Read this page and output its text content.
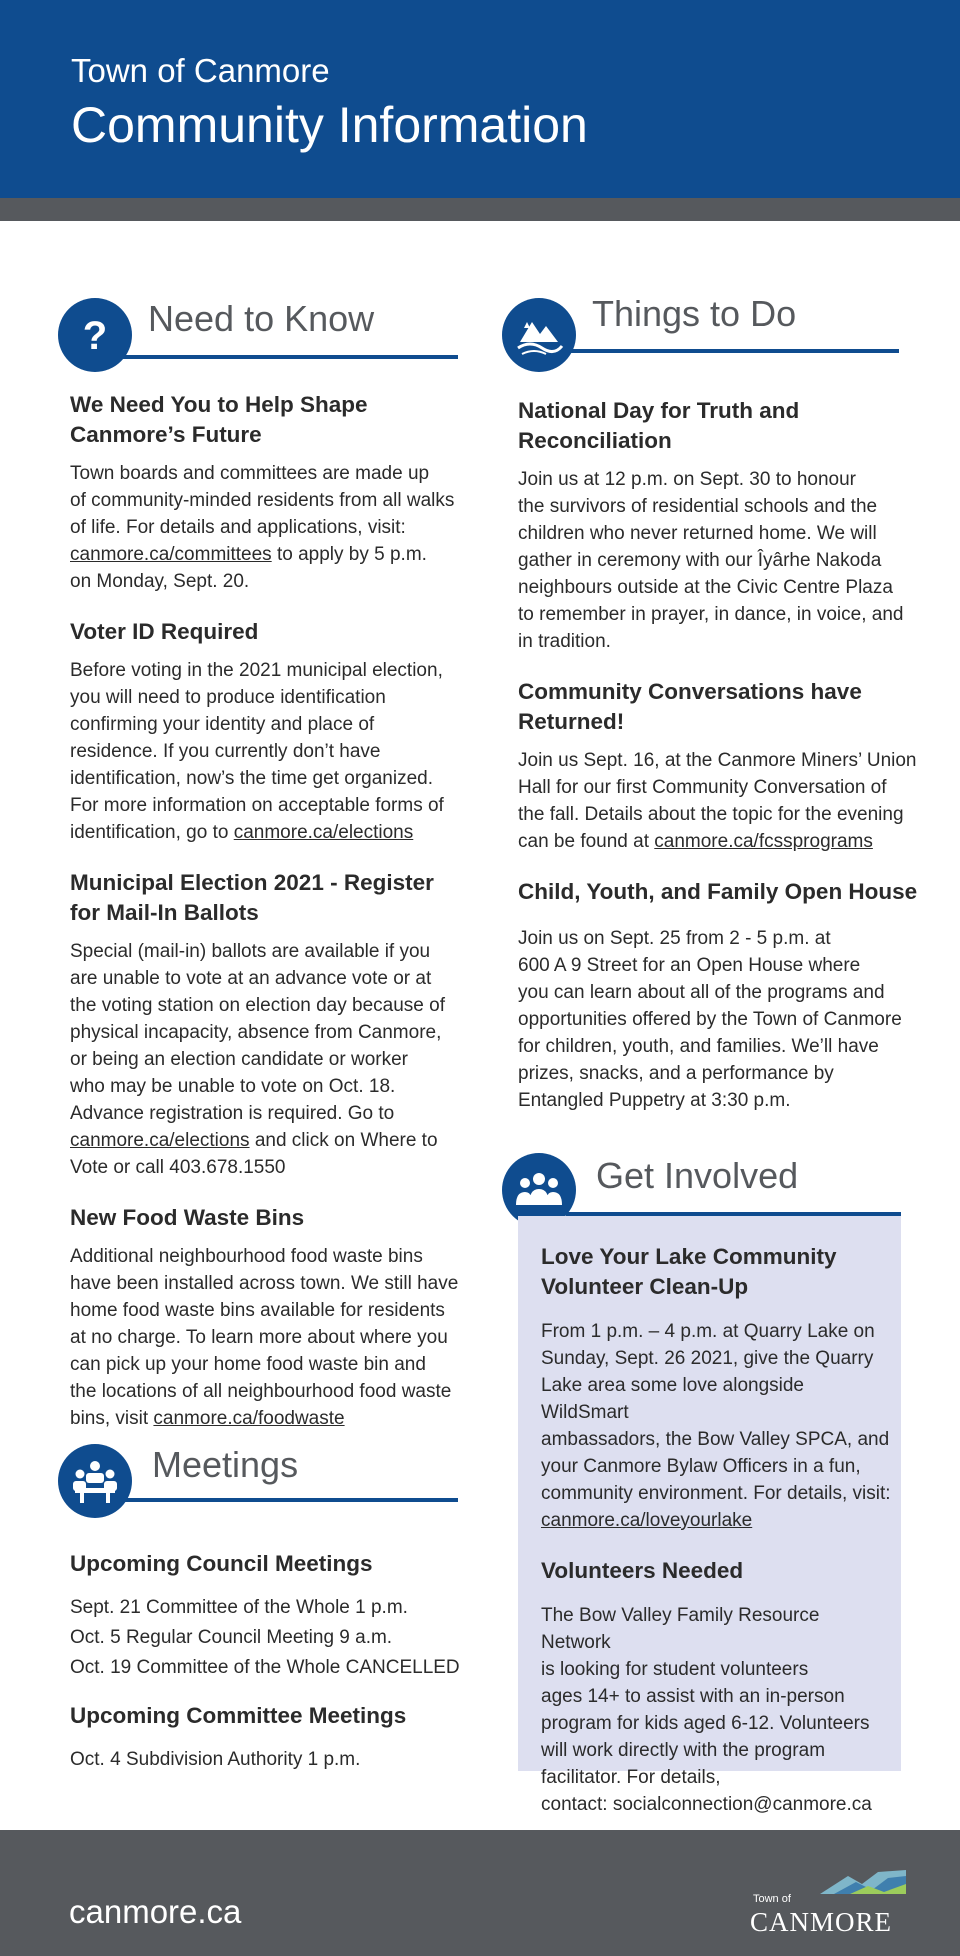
Town of Canmore
Community Information
? Need to Know	Things to Do
We Need You to Help Shape
Canmore’s Future
Town boards and committees are made up
of community-minded residents from all walks
of life. For details and applications, visit:
canmore.ca/committees to apply by 5 p.m.
on Monday, Sept. 20.
Voter ID Required
Before voting in the 2021 municipal election,
you will need to produce identification
confirming your identity and place of
residence. If you currently don’t have
identification, now’s the time get organized.
For more information on acceptable forms of
identification, go to canmore.ca/elections
Municipal Election 2021 - Register
for Mail-In Ballots
Special (mail-in) ballots are available if you
are unable to vote at an advance vote or at
the voting station on election day because of
physical incapacity, absence from Canmore,
or being an election candidate or worker
who may be unable to vote on Oct. 18.
Advance registration is required. Go to
canmore.ca/elections and click on Where to
Vote or call 403.678.1550
New Food Waste Bins
Additional neighbourhood food waste bins
have been installed across town. We still have
home food waste bins available for residents
at no charge. To learn more about where you
can pick up your home food waste bin and
the locations of all neighbourhood food waste
bins, visit canmore.ca/foodwaste
Meetings
Upcoming Council Meetings
Sept. 21 Committee of the Whole 1 p.m.
Oct. 5 Regular Council Meeting 9 a.m.
Oct. 19 Committee of the Whole CANCELLED
Upcoming Committee Meetings
Oct. 4 Subdivision Authority 1 p.m.
National Day for Truth and
Reconciliation
Join us at 12 p.m. on Sept. 30 to honour
the survivors of residential schools and the
children who never returned home. We will
gather in ceremony with our Îyârhe Nakoda
neighbours outside at the Civic Centre Plaza
to remember in prayer, in dance, in voice, and
in tradition.
Community Conversations have
Returned!
Join us Sept. 16, at the Canmore Miners’ Union
Hall for our first Community Conversation of
the fall. Details about the topic for the evening
can be found at canmore.ca/fcssprograms
Child, Youth, and Family Open House
Join us on Sept. 25 from 2 - 5 p.m. at
600 A 9 Street for an Open House where
you can learn about all of the programs and
opportunities offered by the Town of Canmore
for children, youth, and families. We’ll have
prizes, snacks, and a performance by
Entangled Puppetry at 3:30 p.m.
Get Involved
Love Your Lake Community
Volunteer Clean-Up
From 1 p.m. – 4 p.m. at Quarry Lake on
Sunday, Sept. 26 2021, give the Quarry
Lake area some love alongside WildSmart
ambassadors, the Bow Valley SPCA, and
your Canmore Bylaw Officers in a fun,
community environment. For details, visit:
canmore.ca/loveyourlake
Volunteers Needed
The Bow Valley Family Resource Network
is looking for student volunteers
ages 14+ to assist with an in-person
program for kids aged 6-12. Volunteers
will work directly with the program
facilitator. For details,
contact: socialconnection@canmore.ca
canmore.ca	Town of
CANMORE
